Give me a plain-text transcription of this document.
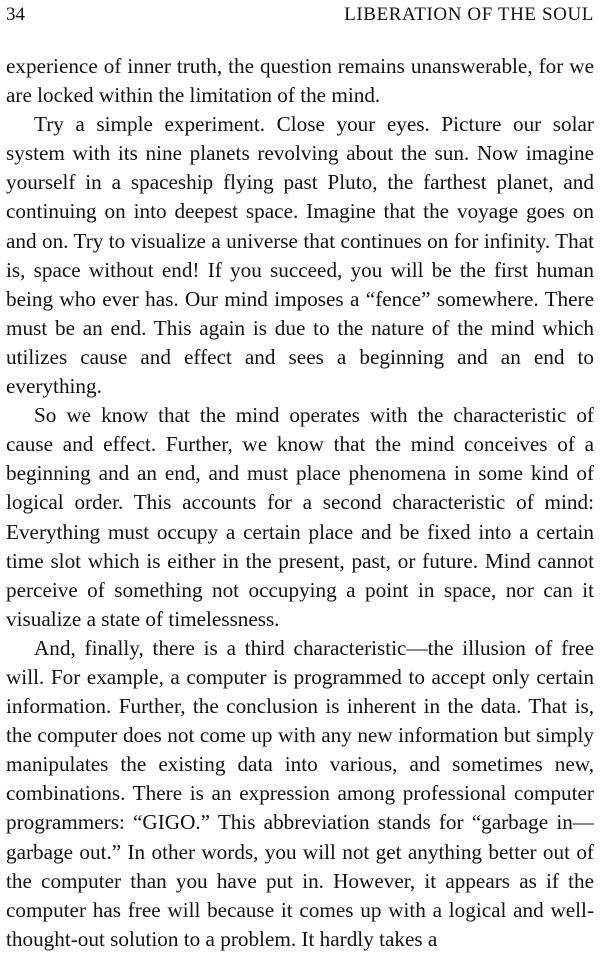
34	LIBERATION OF THE SOUL

experience of inner truth, the question remains unanswerable, for we are locked within the limitation of the mind.

Try a simple experiment. Close your eyes. Picture our solar system with its nine planets revolving about the sun. Now imagine yourself in a spaceship flying past Pluto, the farthest planet, and continuing on into deepest space. Imagine that the voyage goes on and on. Try to visualize a universe that continues on for infinity. That is, space without end! If you succeed, you will be the first human being who ever has. Our mind imposes a “fence” somewhere. There must be an end. This again is due to the nature of the mind which utilizes cause and effect and sees a beginning and an end to everything.

So we know that the mind operates with the characteristic of cause and effect. Further, we know that the mind conceives of a beginning and an end, and must place phenomena in some kind of logical order. This accounts for a second characteristic of mind: Everything must occupy a certain place and be fixed into a certain time slot which is either in the present, past, or future. Mind cannot perceive of something not occupying a point in space, nor can it visualize a state of timelessness.

And, finally, there is a third characteristic—the illusion of free will. For example, a computer is programmed to accept only certain information. Further, the conclusion is inherent in the data. That is, the computer does not come up with any new information but simply manipulates the existing data into various, and sometimes new, combinations. There is an expression among professional computer programmers: “GIGO.” This abbreviation stands for “garbage in—garbage out.” In other words, you will not get anything better out of the computer than you have put in. However, it appears as if the computer has free will because it comes up with a logical and well-thought-out solution to a problem. It hardly takes a
